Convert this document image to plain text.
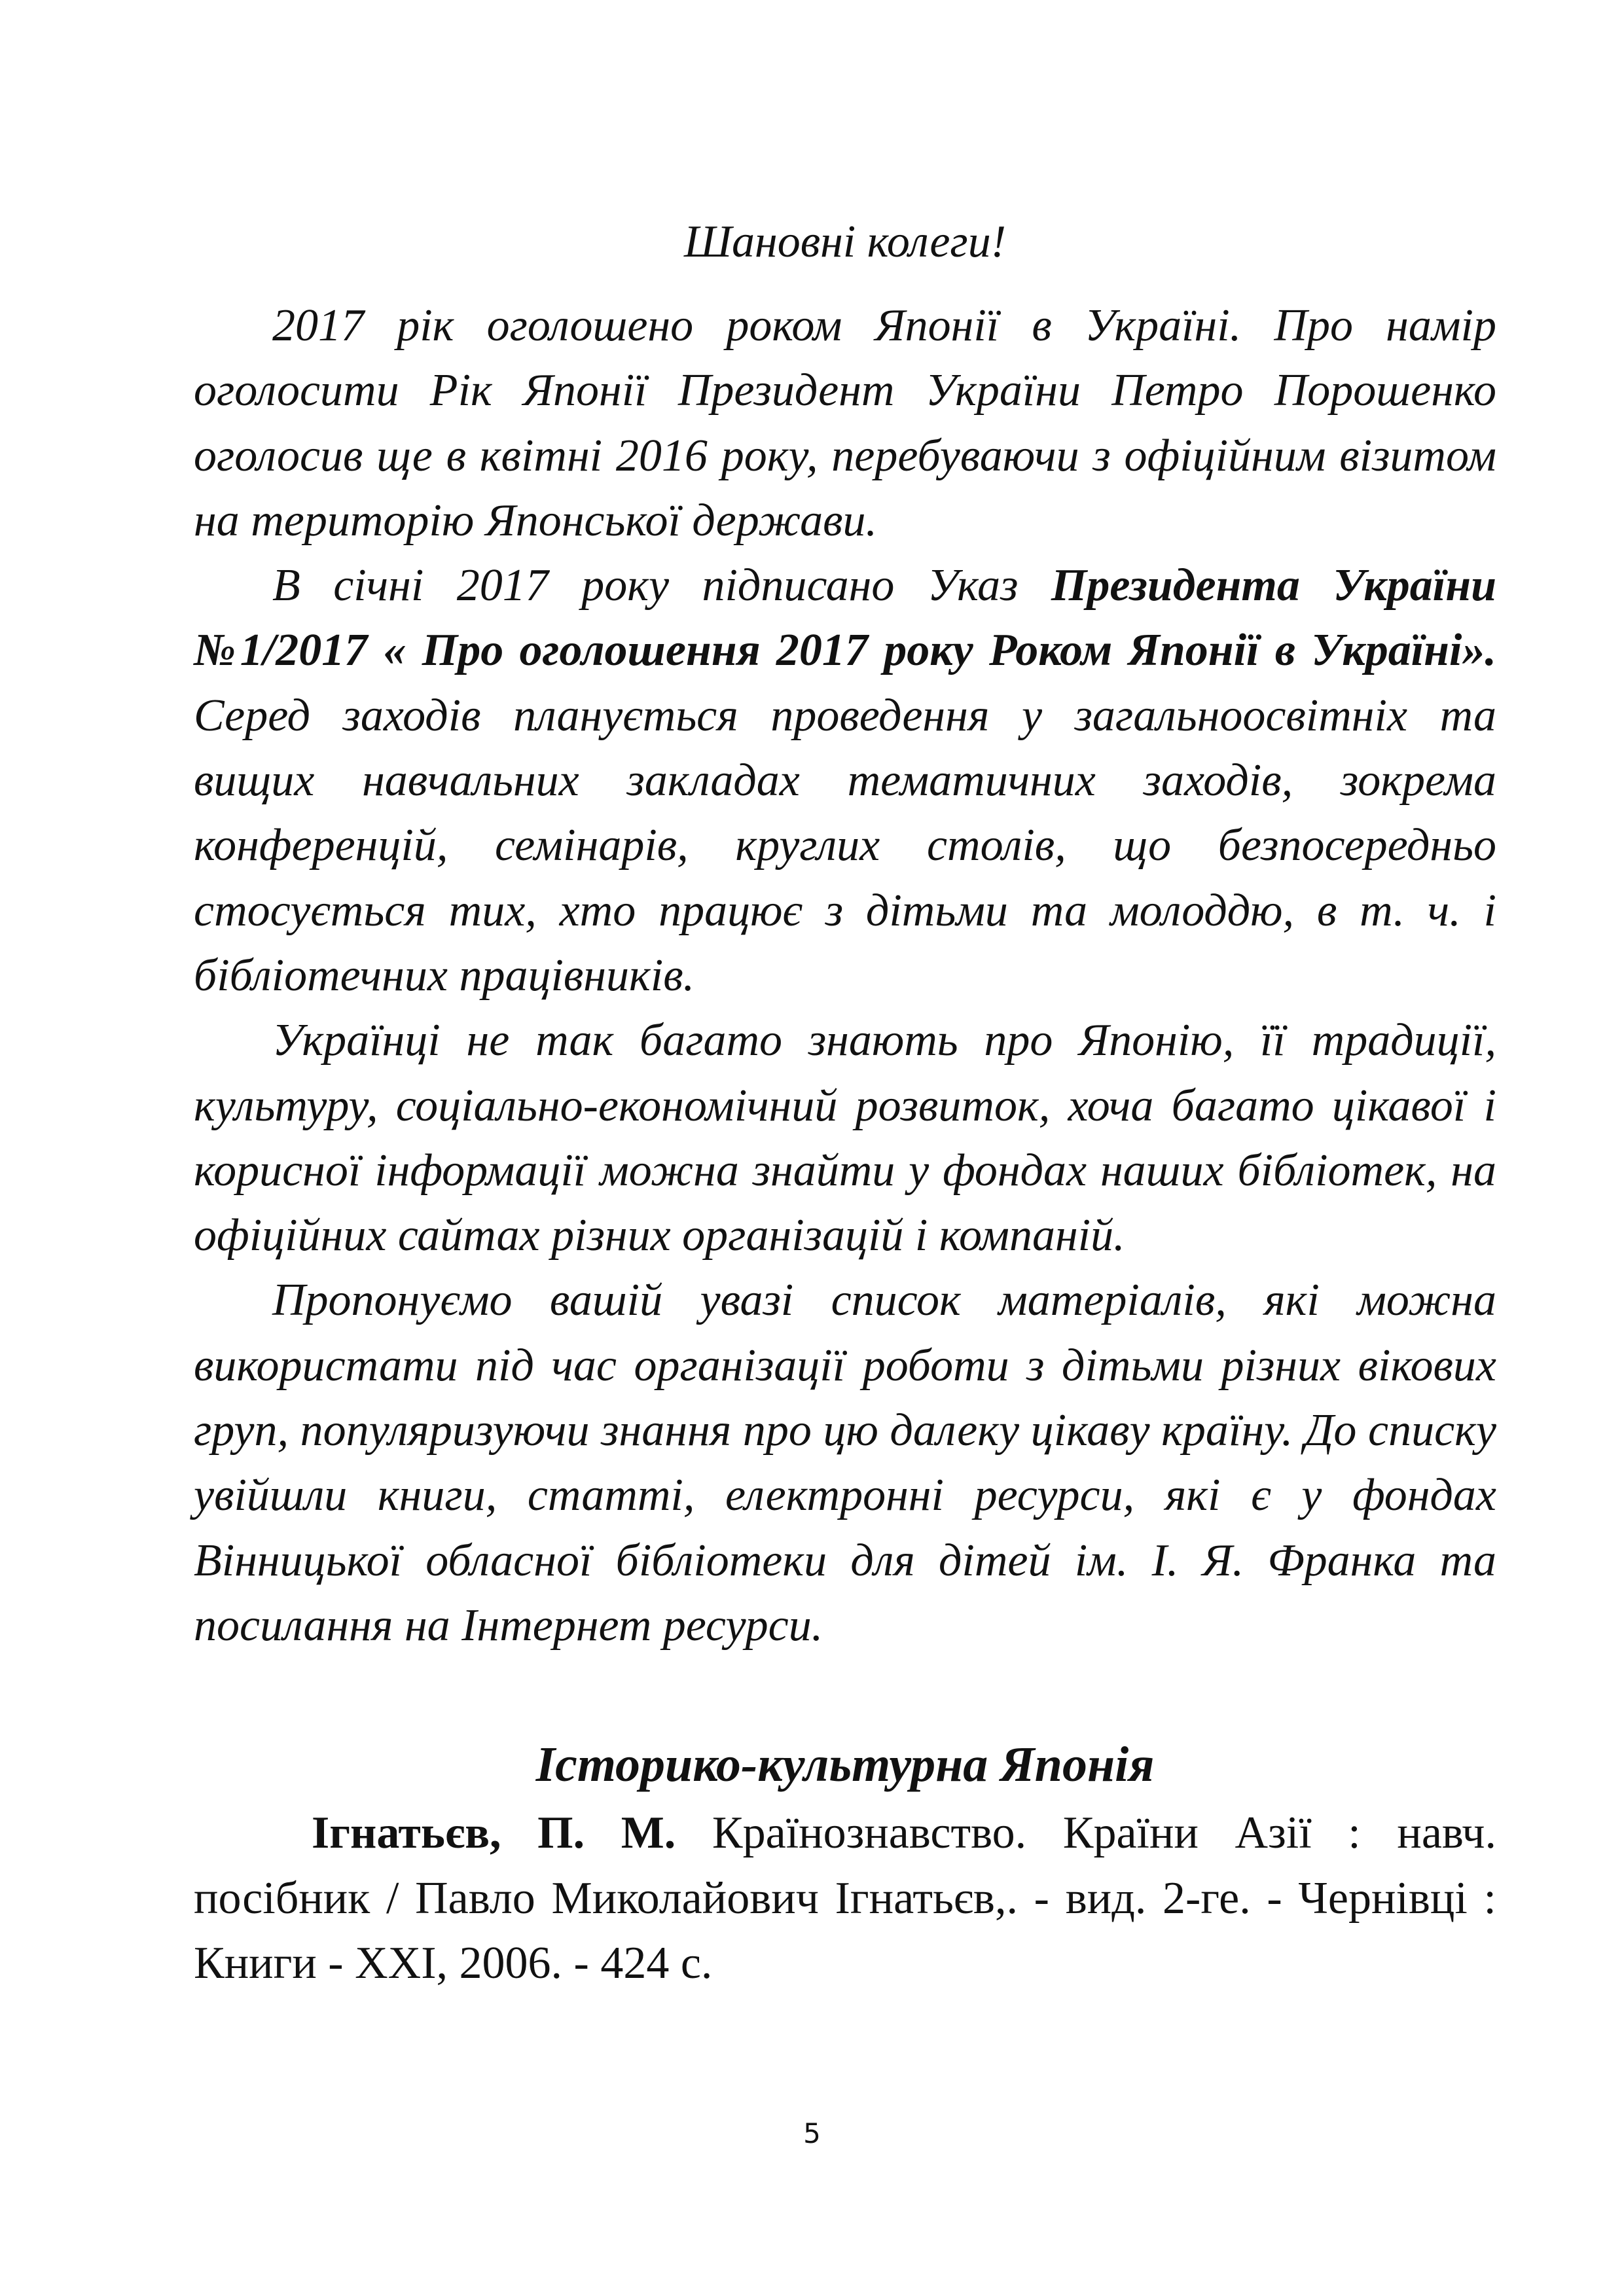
Шановні колеги!

2017 рік оголошено роком Японії в Україні. Про намір оголосити Рік Японії Президент України Петро Порошенко оголосив ще в квітні 2016 року, перебуваючи з офіційним візитом на територію Японської держави.

В січні 2017 року підписано Указ Президента України №1/2017 « Про оголошення 2017 року Роком Японії в Україні». Серед заходів планується проведення у загальноосвітніх та вищих навчальних закладах тематичних заходів, зокрема конференцій, семінарів, круглих столів, що безпосередньо стосується тих, хто працює з дітьми та молоддю, в т. ч. і бібліотечних працівників.

Українці не так багато знають про Японію, її традиції, культуру, соціально-економічний розвиток, хоча багато цікавої і корисної інформації можна знайти у фондах наших бібліотек, на офіційних сайтах різних організацій і компаній.

Пропонуємо вашій увазі список матеріалів, які можна використати під час організації роботи з дітьми різних вікових груп, популяризуючи знання про цю далеку цікаву країну. До списку увійшли книги, статті, електронні ресурси, які є у фондах Вінницької обласної бібліотеки для дітей ім. І. Я. Франка та посилання на Інтернет ресурси.

Історико-культурна Японія

Ігнатьєв, П. М. Країнознавство. Країни Азії : навч. посібник / Павло Миколайович Ігнатьєв,. - вид. 2-ге. - Чернівці : Книги - ХХІ, 2006. - 424 с.

5
